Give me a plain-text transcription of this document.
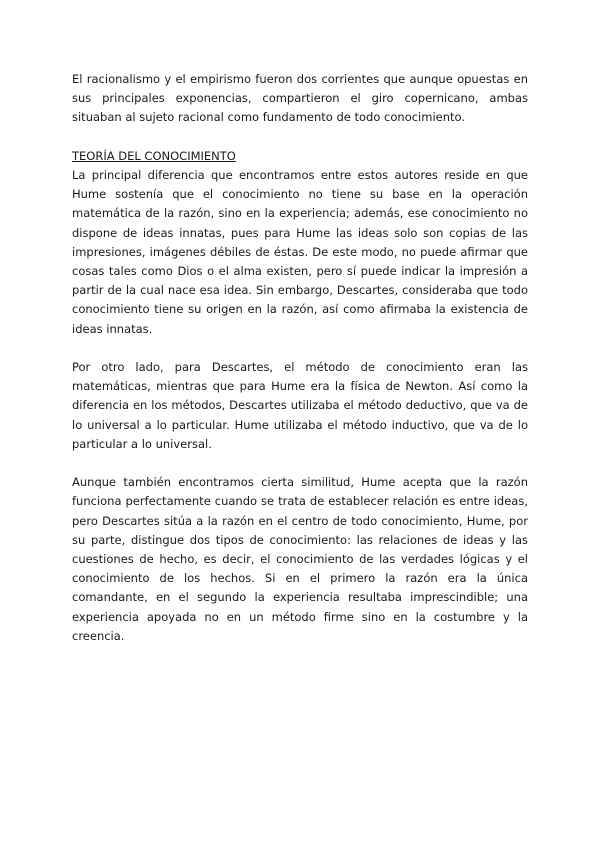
El racionalismo y el empirismo fueron dos corrientes que aunque opuestas en sus principales exponencias, compartieron el giro copernicano, ambas situaban al sujeto racional como fundamento de todo conocimiento.

TEORÍA DEL CONOCIMIENTO

La principal diferencia que encontramos entre estos autores reside en que Hume sostenía que el conocimiento no tiene su base en la operación matemática de la razón, sino en la experiencia; además, ese conocimiento no dispone de ideas innatas, pues para Hume las ideas solo son copias de las impresiones, imágenes débiles de éstas. De este modo, no puede afirmar que cosas tales como Dios o el alma existen, pero sí puede indicar la impresión a partir de la cual nace esa idea. Sin embargo, Descartes, consideraba que todo conocimiento tiene su origen en la razón, así como afirmaba la existencia de ideas innatas.

Por otro lado, para Descartes, el método de conocimiento eran las matemáticas, mientras que para Hume era la física de Newton. Así como la diferencia en los métodos, Descartes utilizaba el método deductivo, que va de lo universal a lo particular. Hume utilizaba el método inductivo, que va de lo particular a lo universal.

Aunque también encontramos cierta similitud, Hume acepta que la razón funciona perfectamente cuando se trata de establecer relación es entre ideas, pero Descartes sitúa a la razón en el centro de todo conocimiento, Hume, por su parte, distingue dos tipos de conocimiento: las relaciones de ideas y las cuestiones de hecho, es decir, el conocimiento de las verdades lógicas y el conocimiento de los hechos. Si en el primero la razón era la única comandante, en el segundo la experiencia resultaba imprescindible; una experiencia apoyada no en un método firme sino en la costumbre y la creencia.
